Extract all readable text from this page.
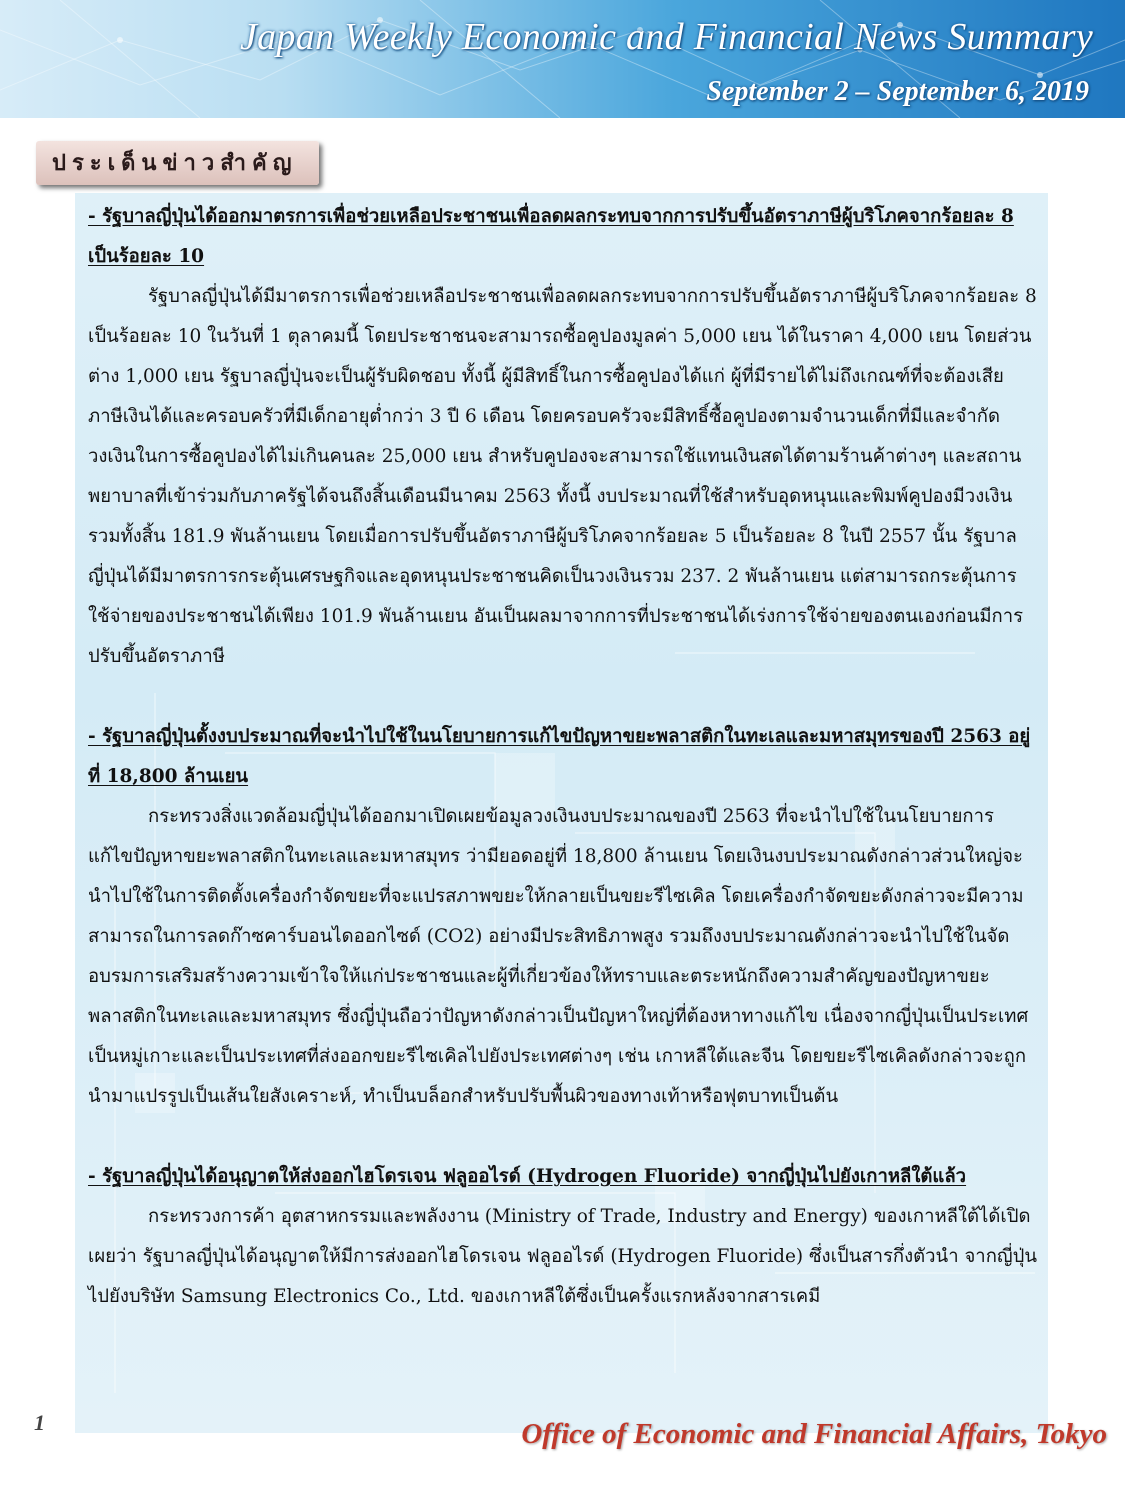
Japan Weekly Economic and Financial News Summary
September 2 – September 6, 2019
ประเด็นข่าวสำคัญ
- รัฐบาลญี่ปุ่นได้ออกมาตรการเพื่อช่วยเหลือประชาชนเพื่อลดผลกระทบจากการปรับขึ้นอัตราภาษีผู้บริโภคจากร้อยละ 8 เป็นร้อยละ 10
รัฐบาลญี่ปุ่นได้มีมาตรการเพื่อช่วยเหลือประชาชนเพื่อลดผลกระทบจากการปรับขึ้นอัตราภาษีผู้บริโภคจากร้อยละ 8 เป็นร้อยละ 10 ในวันที่ 1 ตุลาคมนี้ โดยประชาชนจะสามารถซื้อคูปองมูลค่า 5,000 เยน ได้ในราคา 4,000 เยน โดยส่วนต่าง 1,000 เยน รัฐบาลญี่ปุ่นจะเป็นผู้รับผิดชอบ ทั้งนี้ ผู้มีสิทธิ์ในการซื้อคูปองได้แก่ ผู้ที่มีรายได้ไม่ถึงเกณฑ์ที่จะต้องเสียภาษีเงินได้และครอบครัวที่มีเด็กอายุต่ำกว่า 3 ปี 6 เดือน โดยครอบครัวจะมีสิทธิ์ซื้อคูปองตามจำนวนเด็กที่มีและจำกัดวงเงินในการซื้อคูปองได้ไม่เกินคนละ 25,000 เยน สำหรับคูปองจะสามารถใช้แทนเงินสดได้ตามร้านค้าต่างๆ และสถานพยาบาลที่เข้าร่วมกับภาครัฐได้จนถึงสิ้นเดือนมีนาคม 2563 ทั้งนี้ งบประมาณที่ใช้สำหรับอุดหนุนและพิมพ์คูปองมีวงเงินรวมทั้งสิ้น 181.9 พันล้านเยน โดยเมื่อการปรับขึ้นอัตราภาษีผู้บริโภคจากร้อยละ 5 เป็นร้อยละ 8 ในปี 2557 นั้น รัฐบาลญี่ปุ่นได้มีมาตรการกระตุ้นเศรษฐกิจและอุดหนุนประชาชนคิดเป็นวงเงินรวม 237. 2 พันล้านเยน แต่สามารถกระตุ้นการใช้จ่ายของประชาชนได้เพียง 101.9 พันล้านเยน อันเป็นผลมาจากการที่ประชาชนได้เร่งการใช้จ่ายของตนเองก่อนมีการปรับขึ้นอัตราภาษี
- รัฐบาลญี่ปุ่นตั้งงบประมาณที่จะนำไปใช้ในนโยบายการแก้ไขปัญหาขยะพลาสติกในทะเลและมหาสมุทรของปี 2563 อยู่ที่ 18,800 ล้านเยน
กระทรวงสิ่งแวดล้อมญี่ปุ่นได้ออกมาเปิดเผยข้อมูลวงเงินงบประมาณของปี 2563 ที่จะนำไปใช้ในนโยบายการแก้ไขปัญหาขยะพลาสติกในทะเลและมหาสมุทร ว่ามียอดอยู่ที่ 18,800 ล้านเยน โดยเงินงบประมาณดังกล่าวส่วนใหญ่จะนำไปใช้ในการติดตั้งเครื่องกำจัดขยะที่จะแปรสภาพขยะให้กลายเป็นขยะรีไซเคิล โดยเครื่องกำจัดขยะดังกล่าวจะมีความสามารถในการลดก๊าซคาร์บอนไดออกไซด์ (CO2) อย่างมีประสิทธิภาพสูง รวมถึงงบประมาณดังกล่าวจะนำไปใช้ในจัดอบรมการเสริมสร้างความเข้าใจให้แก่ประชาชนและผู้ที่เกี่ยวข้องให้ทราบและตระหนักถึงความสำคัญของปัญหาขยะพลาสติกในทะเลและมหาสมุทร ซึ่งญี่ปุ่นถือว่าปัญหาดังกล่าวเป็นปัญหาใหญ่ที่ต้องหาทางแก้ไข เนื่องจากญี่ปุ่นเป็นประเทศเป็นหมู่เกาะและเป็นประเทศที่ส่งออกขยะรีไซเคิลไปยังประเทศต่างๆ เช่น เกาหลีใต้และจีน โดยขยะรีไซเคิลดังกล่าวจะถูกนำมาแปรรูปเป็นเส้นใยสังเคราะห์, ทำเป็นบล็อกสำหรับปรับพื้นผิวของทางเท้าหรือฟุตบาทเป็นต้น
- รัฐบาลญี่ปุ่นได้อนุญาตให้ส่งออกไฮโดรเจน ฟลูออไรด์ (Hydrogen Fluoride) จากญี่ปุ่นไปยังเกาหลีใต้แล้ว
กระทรวงการค้า อุตสาหกรรมและพลังงาน (Ministry of Trade, Industry and Energy) ของเกาหลีใต้ได้เปิดเผยว่า รัฐบาลญี่ปุ่นได้อนุญาตให้มีการส่งออกไฮโดรเจน ฟลูออไรด์ (Hydrogen Fluoride) ซึ่งเป็นสารกึ่งตัวนำ จากญี่ปุ่นไปยังบริษัท Samsung Electronics Co., Ltd. ของเกาหลีใต้ซึ่งเป็นครั้งแรกหลังจากสารเคมี
1	Office of Economic and Financial Affairs, Tokyo
